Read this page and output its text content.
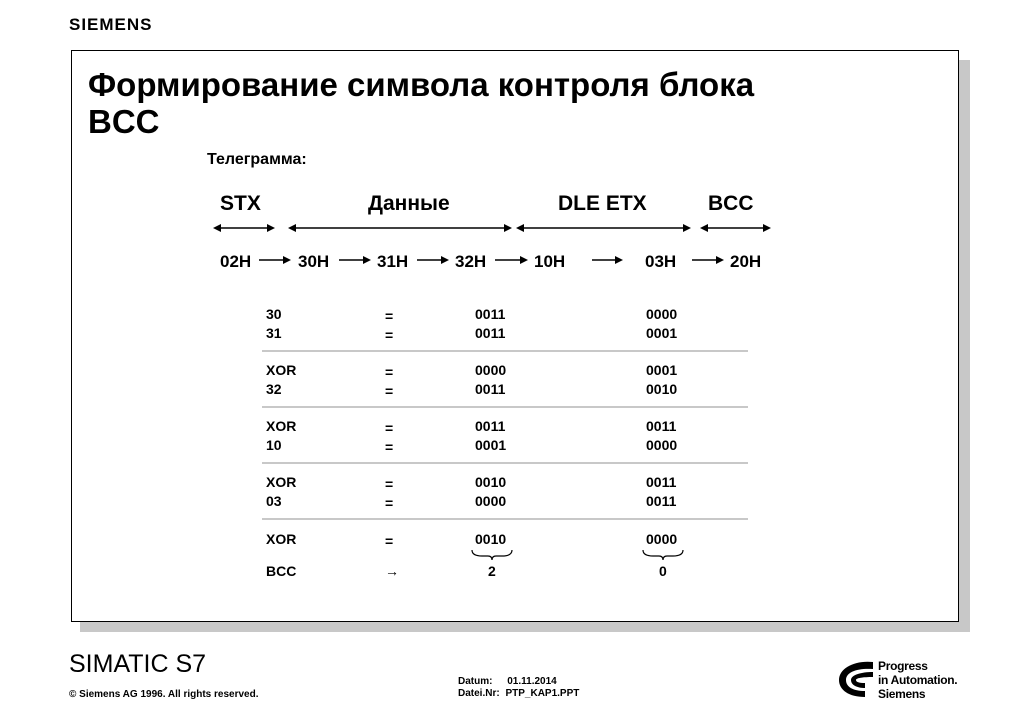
SIEMENS
Формирование символа контроля блока
BCC
Телеграмма:
STX	Данные	DLE ETX	BCC
02H	30H	31H	32H	10H	03H	20H
30	=	0011	0000
31	=	0011	0001
XOR	=	0000	0001
32	=	0011	0010
XOR	=	0011	0011
10	=	0001	0000
XOR	=	0010	0011
03	=	0000	0011
XOR	=	0010	0000
BCC	→	2	0
SIMATIC S7
© Siemens AG 1996. All rights reserved.
Datum: 01.11.2014
Datei.Nr: PTP_KAP1.PPT
Progress
in Automation.
Siemens
